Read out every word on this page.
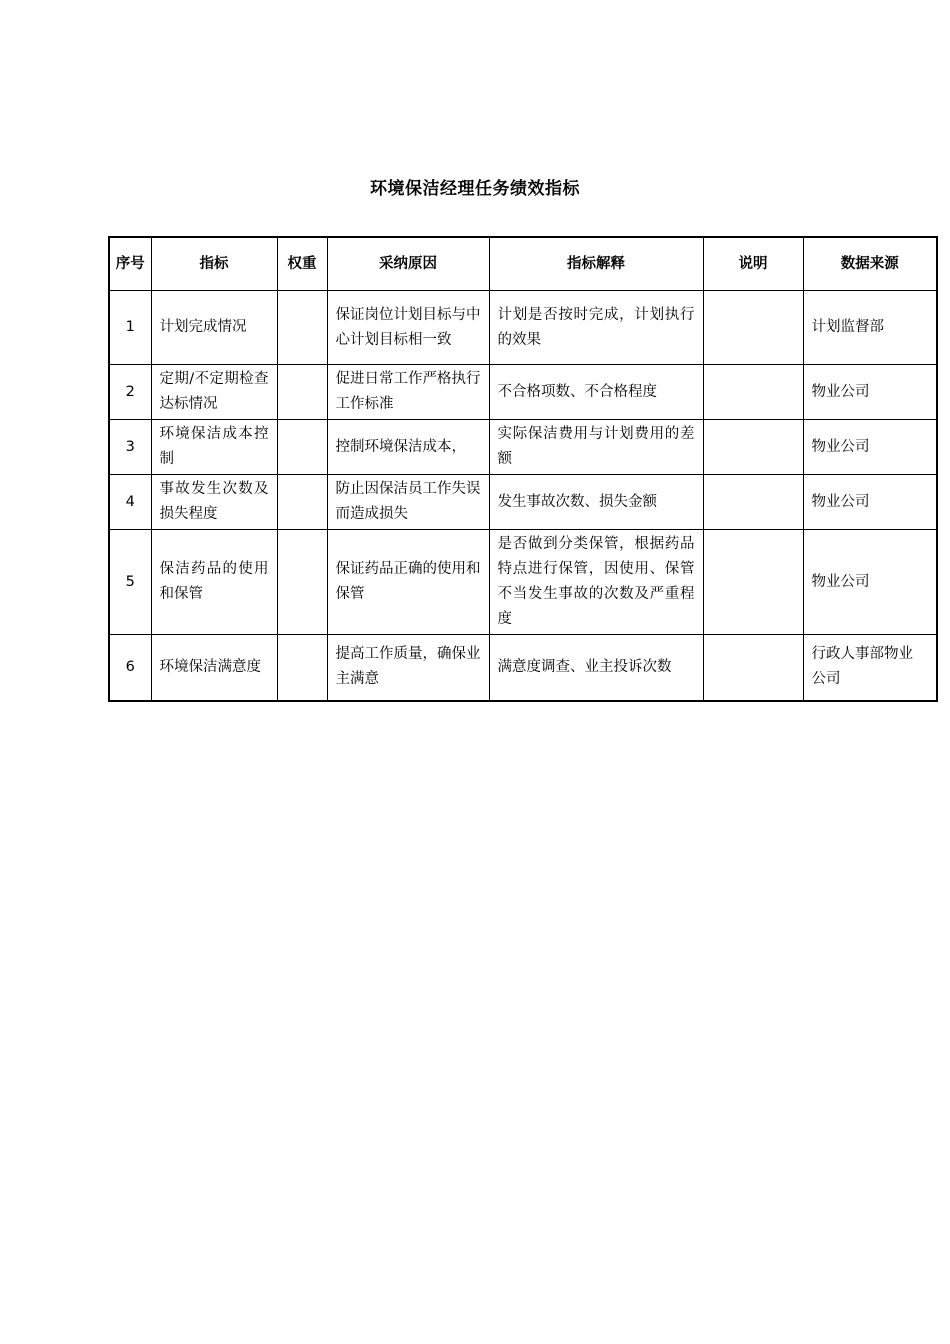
环境保洁经理任务绩效指标
序号	指标	权重	采纳原因	指标解释	说明	数据来源
1	计划完成情况		保证岗位计划目标与中心计划目标相一致	计划是否按时完成，计划执行的效果		计划监督部
2	定期/不定期检查达标情况		促进日常工作严格执行工作标准	不合格项数、不合格程度		物业公司
3	环境保洁成本控制		控制环境保洁成本，	实际保洁费用与计划费用的差额		物业公司
4	事故发生次数及损失程度		防止因保洁员工作失误而造成损失	发生事故次数、损失金额		物业公司
5	保洁药品的使用和保管		保证药品正确的使用和保管	是否做到分类保管，根据药品特点进行保管，因使用、保管不当发生事故的次数及严重程度		物业公司
6	环境保洁满意度		提高工作质量，确保业主满意	满意度调查、业主投诉次数		行政人事部物业公司
